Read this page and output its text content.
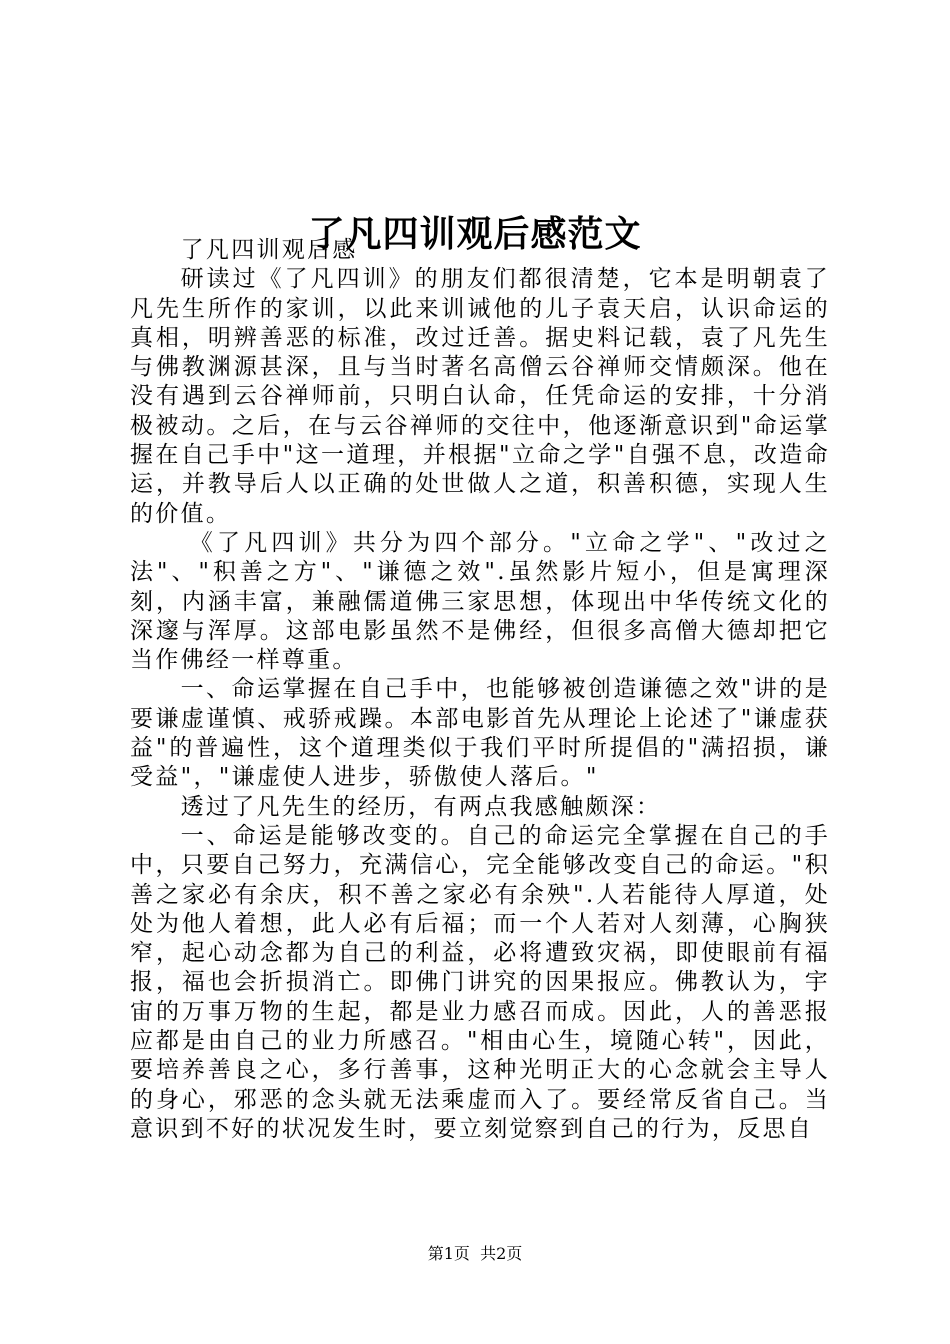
了凡四训观后感范文

了凡四训观后感

研读过《了凡四训》的朋友们都很清楚，它本是明朝袁了凡先生所作的家训，以此来训诫他的儿子袁天启，认识命运的真相，明辨善恶的标准，改过迁善。据史料记载，袁了凡先生与佛教渊源甚深，且与当时著名高僧云谷禅师交情颇深。他在没有遇到云谷禅师前，只明白认命，任凭命运的安排，十分消极被动。之后，在与云谷禅师的交往中，他逐渐意识到"命运掌握在自己手中"这一道理，并根据"立命之学"自强不息，改造命运，并教导后人以正确的处世做人之道，积善积德，实现人生的价值。

《了凡四训》共分为四个部分。"立命之学"、"改过之法"、"积善之方"、"谦德之效".虽然影片短小，但是寓理深刻，内涵丰富，兼融儒道佛三家思想，体现出中华传统文化的深邃与浑厚。这部电影虽然不是佛经，但很多高僧大德却把它当作佛经一样尊重。

一、命运掌握在自己手中，也能够被创造谦德之效"讲的是要谦虚谨慎、戒骄戒躁。本部电影首先从理论上论述了"谦虚获益"的普遍性，这个道理类似于我们平时所提倡的"满招损，谦受益"，"谦虚使人进步，骄傲使人落后。"

透过了凡先生的经历，有两点我感触颇深：

一、命运是能够改变的。自己的命运完全掌握在自己的手中，只要自己努力，充满信心，完全能够改变自己的命运。"积善之家必有余庆，积不善之家必有余殃".人若能待人厚道，处处为他人着想，此人必有后福；而一个人若对人刻薄，心胸狭窄，起心动念都为自己的利益，必将遭致灾祸，即使眼前有福报，福也会折损消亡。即佛门讲究的因果报应。佛教认为，宇宙的万事万物的生起，都是业力感召而成。因此，人的善恶报应都是由自己的业力所感召。"相由心生，境随心转"，因此，要培养善良之心，多行善事，这种光明正大的心念就会主导人的身心，邪恶的念头就无法乘虚而入了。要经常反省自己。当意识到不好的状况发生时，要立刻觉察到自己的行为，反思自

第1页  共2页
